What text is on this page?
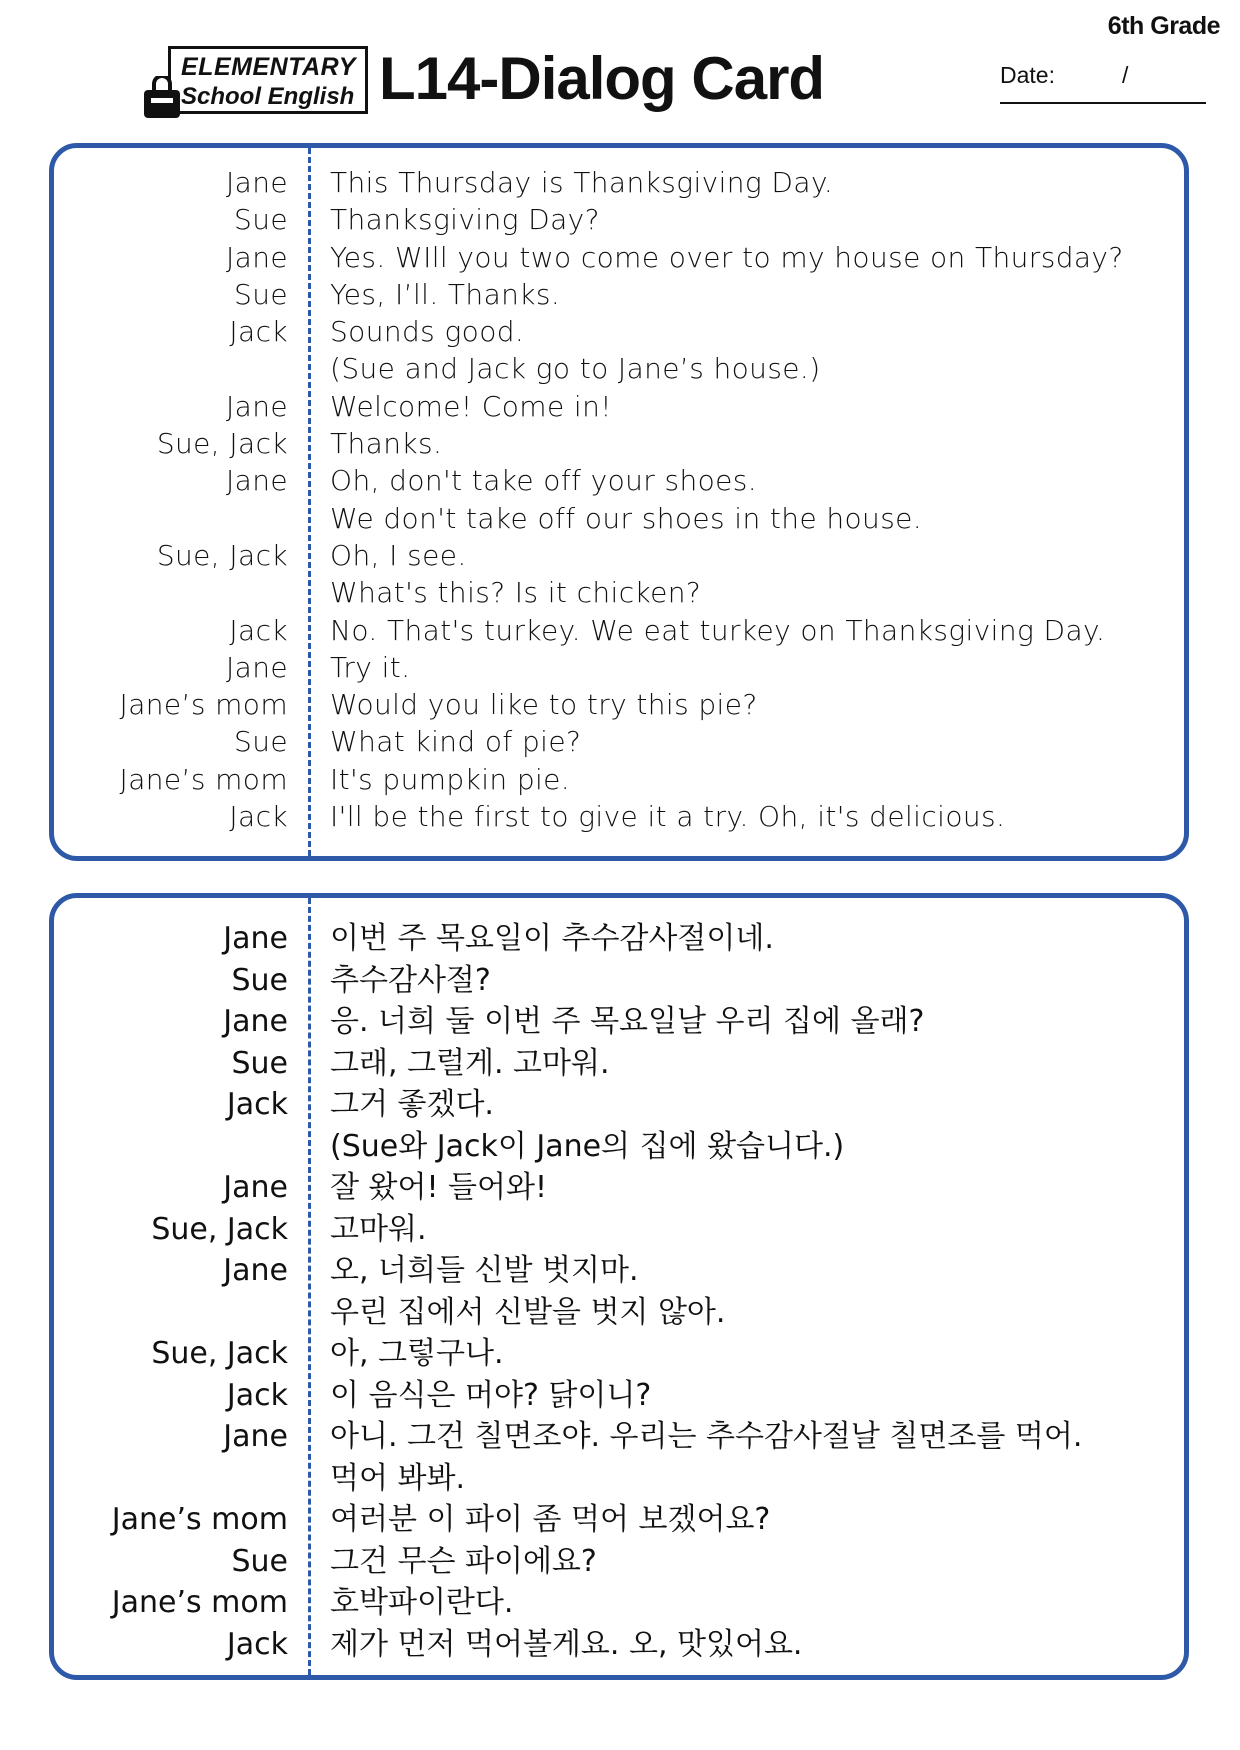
6th Grade
ELEMENTARY
School English L14-Dialog Card	Date:	/
Jane This Thursday is Thanksgiving Day.
Sue Thanksgiving Day?
Jane Yes. WIll you two come over to my house on Thursday?
Sue Yes, I’ll. Thanks.
Jack Sounds good.
(Sue and Jack go to Jane’s house.)
Jane Welcome! Come in!
Sue, Jack Thanks.
Jane Oh, don't take off your shoes.
We don't take off our shoes in the house.
Sue, Jack Oh, I see.
What's this? Is it chicken?
Jack No. That's turkey. We eat turkey on Thanksgiving Day.
Jane Try it.
Jane’s mom Would you like to try this pie?
Sue What kind of pie?
Jane’s mom It's pumpkin pie.
Jack I'll be the first to give it a try. Oh, it's delicious.
Jane 이번 주 목요일이 추수감사절이네.
Sue 추수감사절?
Jane 응. 너희 둘 이번 주 목요일날 우리 집에 올래?
Sue 그래, 그럴게. 고마워.
Jack 그거 좋겠다.
(Sue와 Jack이 Jane의 집에 왔습니다.)
Jane 잘 왔어! 들어와!
Sue, Jack 고마워.
Jane 오, 너희들 신발 벗지마.
우린 집에서 신발을 벗지 않아.
Sue, Jack 아, 그렇구나.
Jack 이 음식은 머야? 닭이니?
Jane 아니. 그건 칠면조야. 우리는 추수감사절날 칠면조를 먹어.
먹어 봐봐.
Jane’s mom 여러분 이 파이 좀 먹어 보겠어요?
Sue 그건 무슨 파이에요?
Jane’s mom 호박파이란다.
Jack 제가 먼저 먹어볼게요. 오, 맛있어요.
